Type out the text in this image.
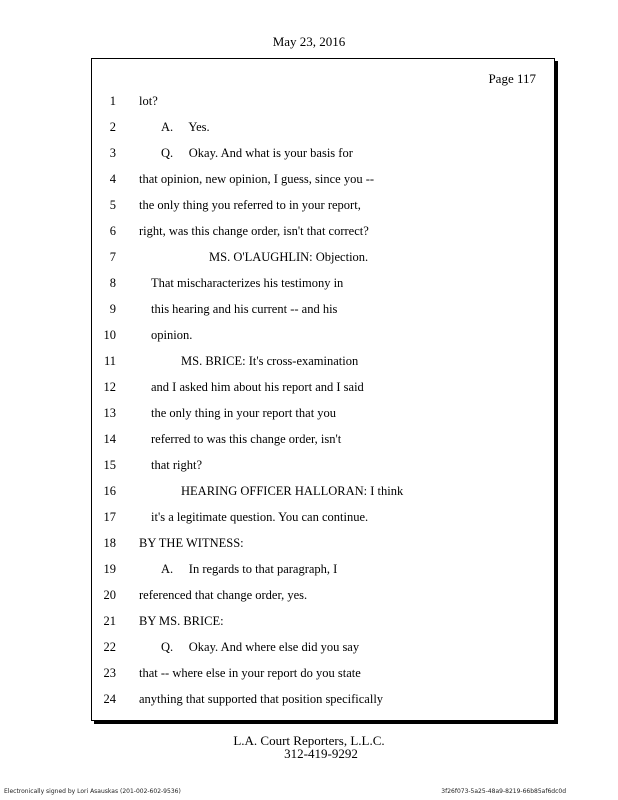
May 23, 2016
Page 117
1 lot?
2	A.  Yes.
3	Q.  Okay. And what is your basis for
4 that opinion, new opinion, I guess, since you --
5 the only thing you referred to in your report,
6 right, was this change order, isn't that correct?
7	MS. O'LAUGHLIN: Objection.
8	That mischaracterizes his testimony in
9	this hearing and his current -- and his
10	opinion.
11	MS. BRICE: It's cross-examination
12	and I asked him about his report and I said
13	the only thing in your report that you
14	referred to was this change order, isn't
15	that right?
16	HEARING OFFICER HALLORAN: I think
17	it's a legitimate question. You can continue.
18 BY THE WITNESS:
19	A.  In regards to that paragraph, I
20 referenced that change order, yes.
21 BY MS. BRICE:
22	Q.  Okay. And where else did you say
23 that -- where else in your report do you state
24 anything that supported that position specifically
L.A. Court Reporters, L.L.C.
312-419-9292
Electronically signed by Lori Asauskas (201-002-602-9536)	3f26f073-5a25-48a9-8219-66b85af6dc0d
